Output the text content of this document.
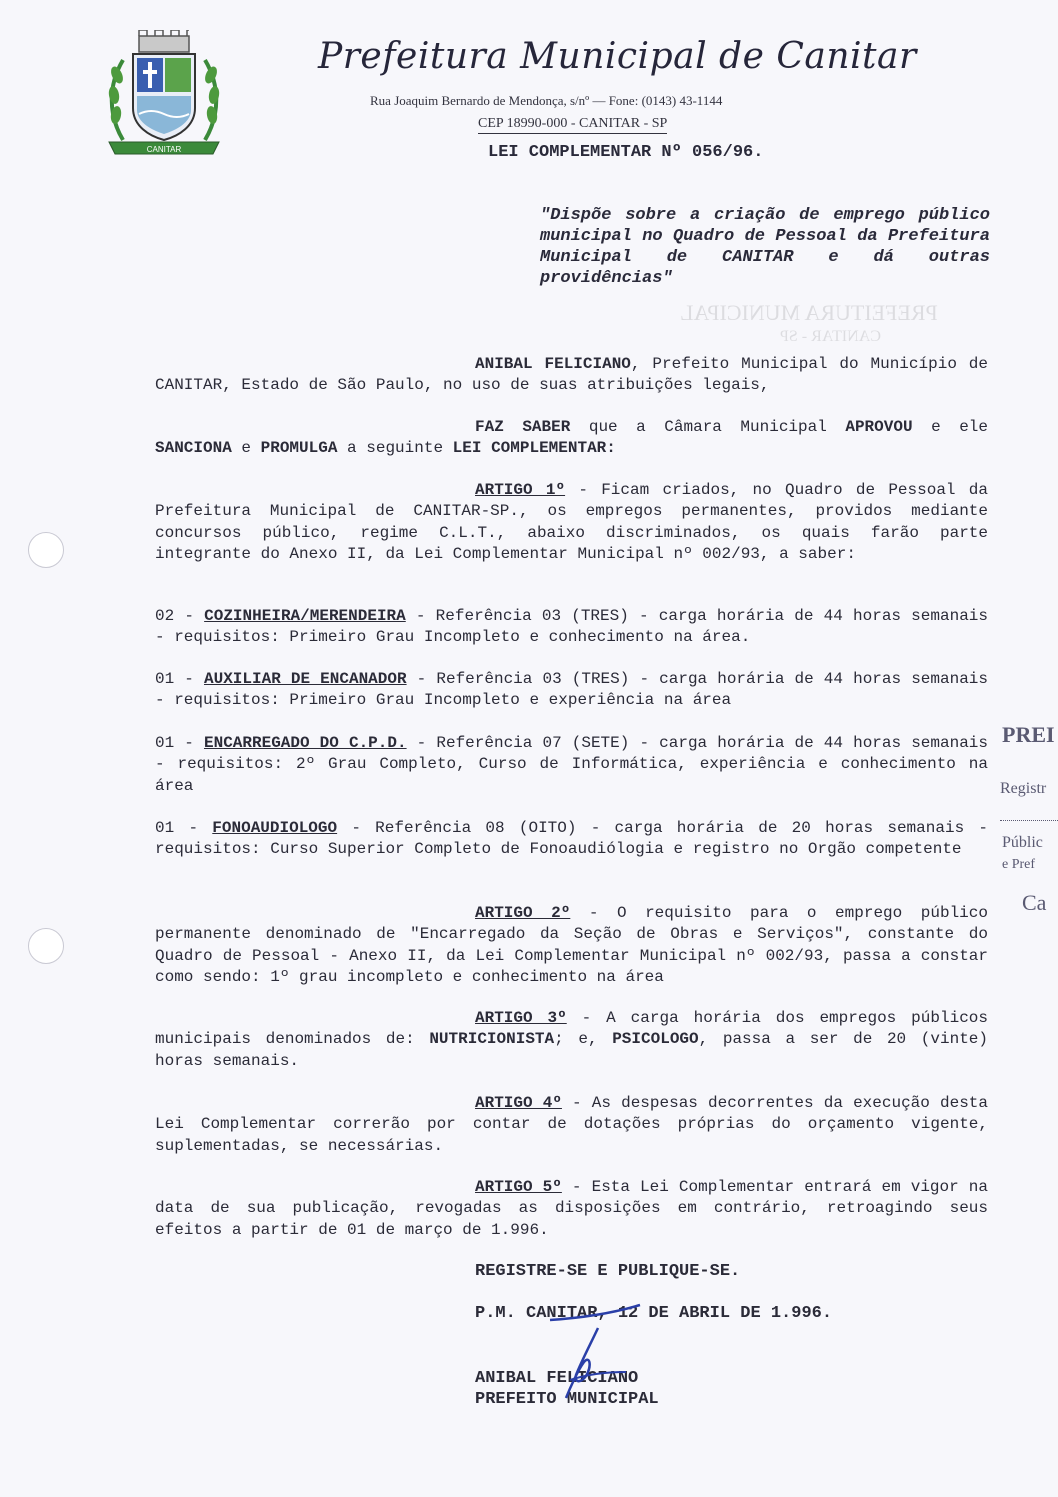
CANITAR
Prefeitura Municipal de Canitar
Rua Joaquim Bernardo de Mendonça, s/nº — Fone: (0143) 43-1144
CEP 18990-000 - CANITAR - SP
LEI COMPLEMENTAR Nº 056/96.
"Dispõe sobre a criação de emprego público municipal no Quadro de Pessoal da Prefeitura Municipal de CANITAR e dá outras providências"
PREFEITURA MUNICIPAL
CANITAR - SP
ANIBAL FELICIANO, Prefeito Municipal do Município de CANITAR, Estado de São Paulo, no uso de suas atribuições legais,
FAZ SABER que a Câmara Municipal APROVOU e ele SANCIONA e PROMULGA a seguinte LEI COMPLEMENTAR:
ARTIGO 1º - Ficam criados, no Quadro de Pessoal da Prefeitura Municipal de CANITAR-SP., os empregos permanentes, providos mediante concursos público, regime C.L.T., abaixo discriminados, os quais farão parte integrante do Anexo II, da Lei Complementar Municipal nº 002/93, a saber:
02 - COZINHEIRA/MERENDEIRA - Referência 03 (TRES) - carga horária de 44 horas semanais - requisitos: Primeiro Grau Incompleto e conhecimento na área.
01 - AUXILIAR DE ENCANADOR - Referência 03 (TRES) - carga horária de 44 horas semanais - requisitos: Primeiro Grau Incompleto e experiência na área
01 - ENCARREGADO DO C.P.D. - Referência 07 (SETE) - carga horária de 44 horas semanais - requisitos: 2º Grau Completo, Curso de Informática, experiência e conhecimento na área
01 - FONOAUDIOLOGO - Referência 08 (OITO) - carga horária de 20 horas semanais - requisitos: Curso Superior Completo de Fonoaudiólogia e registro no Orgão competente
ARTIGO 2º - O requisito para o emprego público permanente denominado de "Encarregado da Seção de Obras e Serviços", constante do Quadro de Pessoal - Anexo II, da Lei Complementar Municipal nº 002/93, passa a constar como sendo: 1º grau incompleto e conhecimento na área
ARTIGO 3º - A carga horária dos empregos públicos municipais denominados de: NUTRICIONISTA; e, PSICOLOGO, passa a ser de 20 (vinte) horas semanais.
ARTIGO 4º - As despesas decorrentes da execução desta Lei Complementar correrão por contar de dotações próprias do orçamento vigente, suplementadas, se necessárias.
ARTIGO 5º - Esta Lei Complementar entrará em vigor na data de sua publicação, revogadas as disposições em contrário, retroagindo seus efeitos a partir de 01 de março de 1.996.
REGISTRE-SE E PUBLIQUE-SE.
P.M. CANITAR, 12 DE ABRIL DE 1.996.
ANIBAL FELICIANO
PREFEITO MUNICIPAL
PREI
Registr
Públic
e Pref
Ca
